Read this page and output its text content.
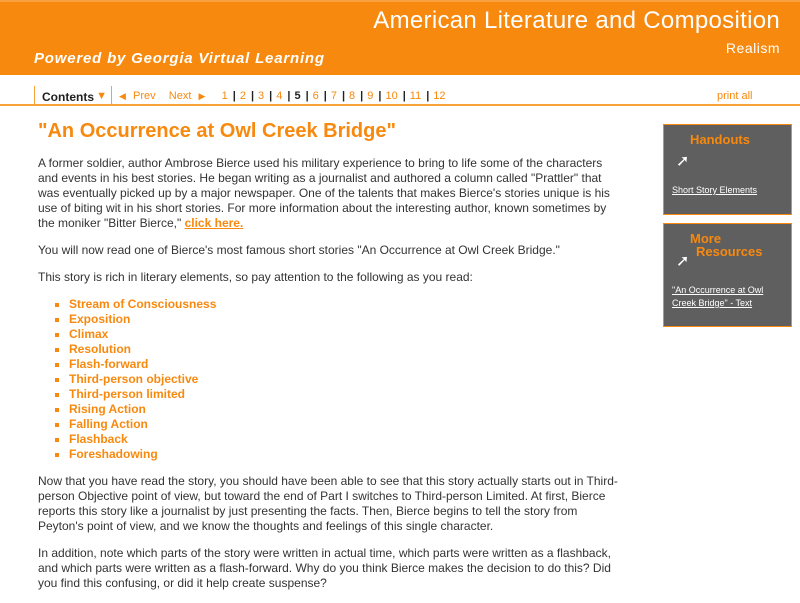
American Literature and Composition
Realism
Powered by Georgia Virtual Learning
Contents ▼ ◀ Prev Next ▶ 1 | 2 | 3 | 4 | 5 | 6 | 7 | 8 | 9 | 10 | 11 | 12	print all
"An Occurrence at Owl Creek Bridge"

A former soldier, author Ambrose Bierce used his military experience to bring to life some of the characters and events in his best stories. He began writing as a journalist and authored a column called "Prattler" that was eventually picked up by a major newspaper. One of the talents that makes Bierce's stories unique is his use of biting wit in his short stories. For more information about the interesting author, known sometimes by the moniker "Bitter Bierce," click here.

You will now read one of Bierce's most famous short stories "An Occurrence at Owl Creek Bridge."

This story is rich in literary elements, so pay attention to the following as you read:

▪ Stream of Consciousness
▪ Exposition
▪ Climax
▪ Resolution
▪ Flash-forward
▪ Third-person objective
▪ Third-person limited
▪ Rising Action
▪ Falling Action
▪ Flashback
▪ Foreshadowing

Now that you have read the story, you should have been able to see that this story actually starts out in Third-person Objective point of view, but toward the end of Part I switches to Third-person Limited. At first, Bierce reports this story like a journalist by just presenting the facts. Then, Bierce begins to tell the story from Peyton's point of view, and we know the thoughts and feelings of this single character.

In addition, note which parts of the story were written in actual time, which parts were written as a flashback, and which parts were written as a flash-forward. Why do you think Bierce makes the decision to do this? Did you find this confusing, or did it help create suspense?

Handouts
➚
Short Story Elements
More
Resources
➚
"An Occurrence at Owl
Creek Bridge" - Text
